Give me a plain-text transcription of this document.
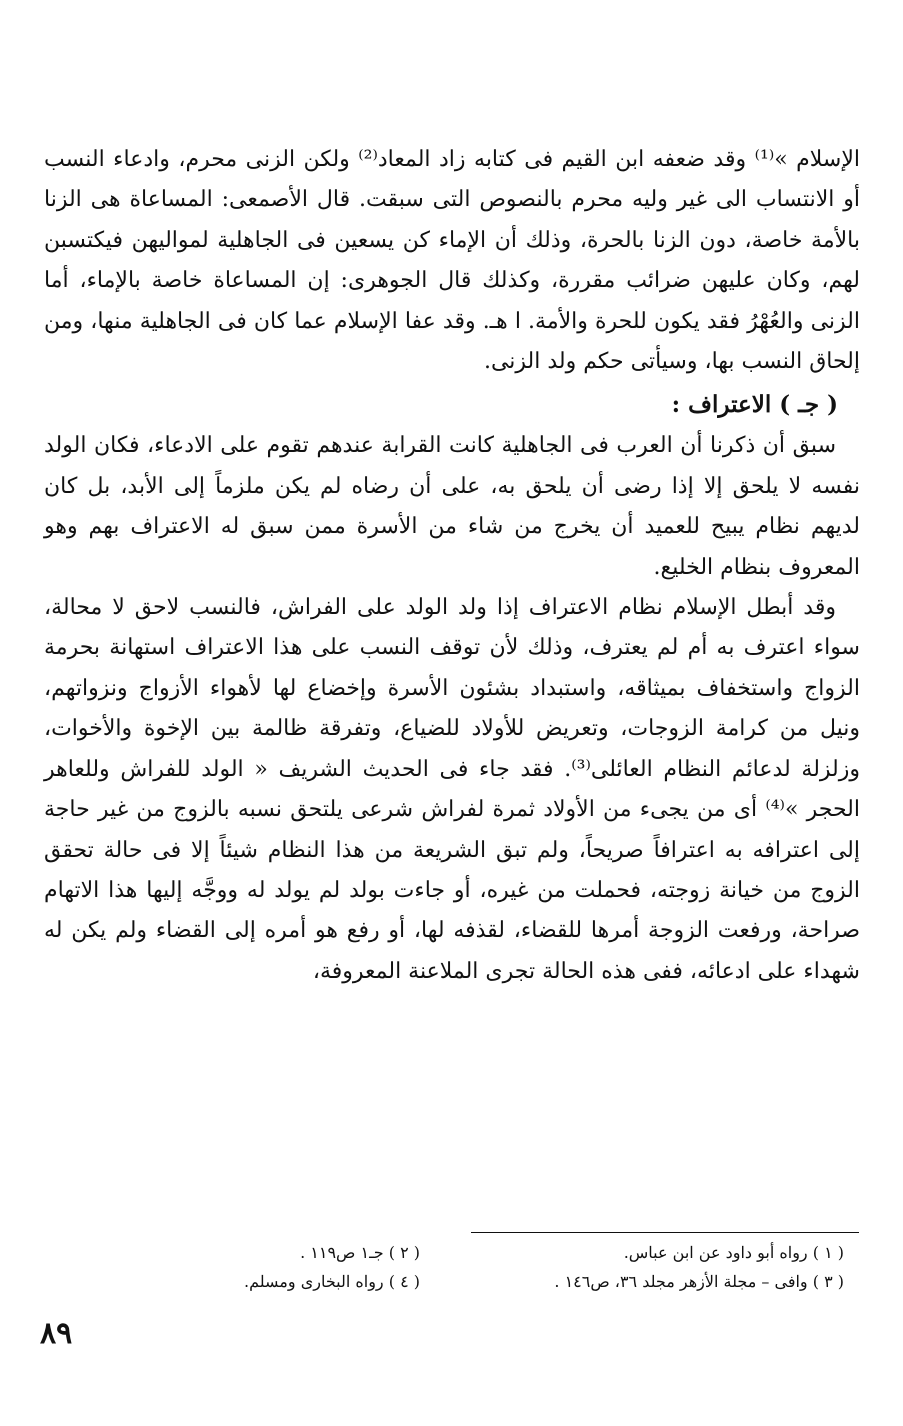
الإسلام »⁽¹⁾ وقد ضعفه ابن القيم فى كتابه زاد المعاد⁽²⁾ ولكن الزنى محرم، وادعاء النسب أو الانتساب الى غير وليه محرم بالنصوص التى سبقت. قال الأصمعى: المساعاة هى الزنا بالأمة خاصة، دون الزنا بالحرة، وذلك أن الإماء كن يسعين فى الجاهلية لمواليهن فيكتسبن لهم، وكان عليهن ضرائب مقررة، وكذلك قال الجوهرى: إن المساعاة خاصة بالإماء، أما الزنى والعُهْرُ فقد يكون للحرة والأمة. ا هـ. وقد عفا الإسلام عما كان فى الجاهلية منها، ومن إلحاق النسب بها، وسيأتى حكم ولد الزنى.

( جـ ) الاعتراف :

سبق أن ذكرنا أن العرب فى الجاهلية كانت القرابة عندهم تقوم على الادعاء، فكان الولد نفسه لا يلحق إلا إذا رضى أن يلحق به، على أن رضاه لم يكن ملزماً إلى الأبد، بل كان لديهم نظام يبيح للعميد أن يخرج من شاء من الأسرة ممن سبق له الاعتراف بهم وهو المعروف بنظام الخليع.

وقد أبطل الإسلام نظام الاعتراف إذا ولد الولد على الفراش، فالنسب لاحق لا محالة، سواء اعترف به أم لم يعترف، وذلك لأن توقف النسب على هذا الاعتراف استهانة بحرمة الزواج واستخفاف بميثاقه، واستبداد بشئون الأسرة وإخضاع لها لأهواء الأزواج ونزواتهم، ونيل من كرامة الزوجات، وتعريض للأولاد للضياع، وتفرقة ظالمة بين الإخوة والأخوات، وزلزلة لدعائم النظام العائلى⁽³⁾. فقد جاء فى الحديث الشريف « الولد للفراش وللعاهر الحجر »⁽⁴⁾ أى من يجىء من الأولاد ثمرة لفراش شرعى يلتحق نسبه بالزوج من غير حاجة إلى اعترافه به اعترافاً صريحاً، ولم تبق الشريعة من هذا النظام شيئاً إلا فى حالة تحقق الزوج من خيانة زوجته، فحملت من غيره، أو جاءت بولد لم يولد له ووجَّه إليها هذا الاتهام صراحة، ورفعت الزوجة أمرها للقضاء، لقذفه لها، أو رفع هو أمره إلى القضاء ولم يكن له شهداء على ادعائه، ففى هذه الحالة تجرى الملاعنة المعروفة،

( ١ ) رواه أبو داود عن ابن عباس.
( ٢ ) جـ١ ص١١٩ .
( ٣ ) وافى – مجلة الأزهر مجلد ٣٦، ص١٤٦ .
( ٤ ) رواه البخارى ومسلم.
٨٩
